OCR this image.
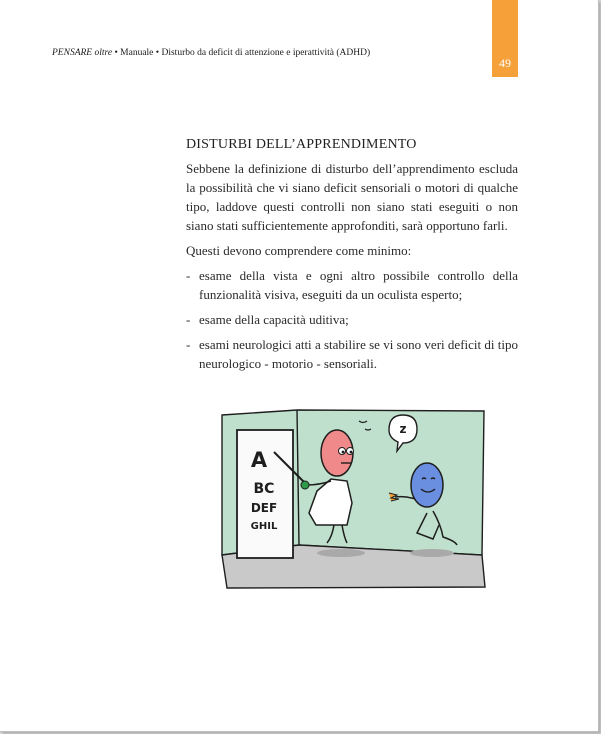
PENSARE oltre • Manuale • Disturbo da deficit di attenzione e iperattività (ADHD)
49
DISTURBI DELL’APPRENDIMENTO

Sebbene la definizione di disturbo dell’apprendimento escluda la possibilità che vi siano deficit sensoriali o motori di qualche tipo, laddove questi controlli non siano stati eseguiti o non siano stati sufficientemente approfonditi, sarà opportuno farli.

Questi devono comprendere come minimo:

- esame della vista e ogni altro possibile controllo della funzionalità visiva, eseguiti da un oculista esperto;
- esame della capacità uditiva;
- esami neurologici atti a stabilire se vi sono veri deficit di tipo neurologico - motorio - sensoriali.
A
BC
DEF
GHIL
z
